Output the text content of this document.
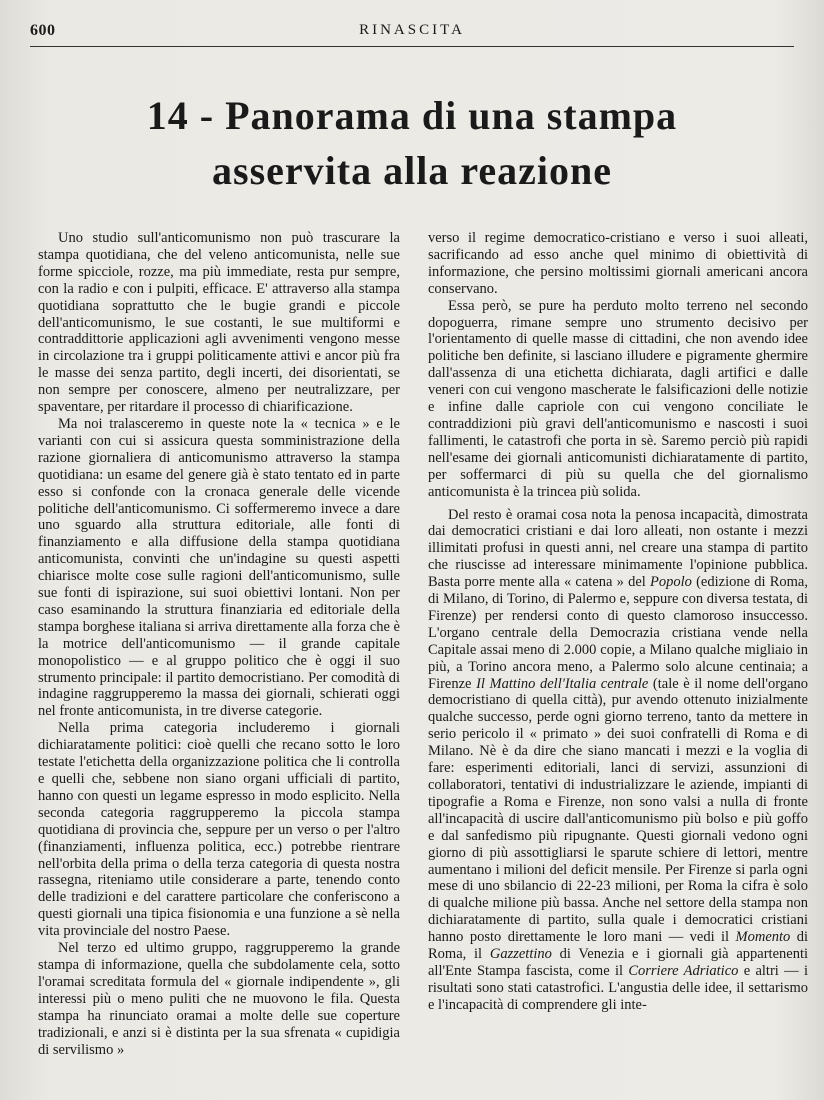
600	RINASCITA
14 - Panorama di una stampa
asservita alla reazione

Uno studio sull'anticomunismo non può trascurare la stampa quotidiana, che del veleno anticomunista, nelle sue forme spicciole, rozze, ma più immediate, resta pur sempre, con la radio e con i pulpiti, efficace. E' attraverso alla stampa quotidiana soprattutto che le bugie grandi e piccole dell'anticomunismo, le sue costanti, le sue multiformi e contraddittorie applicazioni agli avvenimenti vengono messe in circolazione tra i gruppi politicamente attivi e ancor più fra le masse dei senza partito, degli incerti, dei disorientati, se non sempre per conoscere, almeno per neutralizzare, per spaventare, per ritardare il processo di chiarificazione.

Ma noi tralasceremo in queste note la « tecnica » e le varianti con cui si assicura questa somministrazione della razione giornaliera di anticomunismo attraverso la stampa quotidiana: un esame del genere già è stato tentato ed in parte esso si confonde con la cronaca generale delle vicende politiche dell'anticomunismo. Ci soffermeremo invece a dare uno sguardo alla struttura editoriale, alle fonti di finanziamento e alla diffusione della stampa quotidiana anticomunista, convinti che un'indagine su questi aspetti chiarisce molte cose sulle ragioni dell'anticomunismo, sulle sue fonti di ispirazione, sui suoi obiettivi lontani. Non per caso esaminando la struttura finanziaria ed editoriale della stampa borghese italiana si arriva direttamente alla forza che è la motrice dell'anticomunismo — il grande capitale monopolistico — e al gruppo politico che è oggi il suo strumento principale: il partito democristiano. Per comodità di indagine raggrupperemo la massa dei giornali, schierati oggi nel fronte anticomunista, in tre diverse categorie.

Nella prima categoria includeremo i giornali dichiaratamente politici: cioè quelli che recano sotto le loro testate l'etichetta della organizzazione politica che li controlla e quelli che, sebbene non siano organi ufficiali di partito, hanno con questi un legame espresso in modo esplicito. Nella seconda categoria raggrupperemo la piccola stampa quotidiana di provincia che, seppure per un verso o per l'altro (finanziamenti, influenza politica, ecc.) potrebbe rientrare nell'orbita della prima o della terza categoria di questa nostra rassegna, riteniamo utile considerare a parte, tenendo conto delle tradizioni e del carattere particolare che conferiscono a questi giornali una tipica fisionomia e una funzione a sè nella vita provinciale del nostro Paese.

Nel terzo ed ultimo gruppo, raggrupperemo la grande stampa di informazione, quella che subdolamente cela, sotto l'oramai screditata formula del « giornale indipendente », gli interessi più o meno puliti che ne muovono le fila. Questa stampa ha rinunciato oramai a molte delle sue coperture tradizionali, e anzi si è distinta per la sua sfrenata « cupidigia di servilismo »

verso il regime democratico-cristiano e verso i suoi alleati, sacrificando ad esso anche quel minimo di obiettività di informazione, che persino moltissimi giornali americani ancora conservano.

Essa però, se pure ha perduto molto terreno nel secondo dopoguerra, rimane sempre uno strumento decisivo per l'orientamento di quelle masse di cittadini, che non avendo idee politiche ben definite, si lasciano illudere e pigramente ghermire dall'assenza di una etichetta dichiarata, dagli artifici e dalle veneri con cui vengono mascherate le falsificazioni delle notizie e infine dalle capriole con cui vengono conciliate le contraddizioni più gravi dell'anticomunismo e nascosti i suoi fallimenti, le catastrofi che porta in sè. Saremo perciò più rapidi nell'esame dei giornali anticomunisti dichiaratamente di partito, per soffermarci di più su quella che del giornalismo anticomunista è la trincea più solida.

Del resto è oramai cosa nota la penosa incapacità, dimostrata dai democratici cristiani e dai loro alleati, non ostante i mezzi illimitati profusi in questi anni, nel creare una stampa di partito che riuscisse ad interessare minimamente l'opinione pubblica. Basta porre mente alla « catena » del Popolo (edizione di Roma, di Milano, di Torino, di Palermo e, seppure con diversa testata, di Firenze) per rendersi conto di questo clamoroso insuccesso. L'organo centrale della Democrazia cristiana vende nella Capitale assai meno di 2.000 copie, a Milano qualche migliaio in più, a Torino ancora meno, a Palermo solo alcune centinaia; a Firenze Il Mattino dell'Italia centrale (tale è il nome dell'organo democristiano di quella città), pur avendo ottenuto inizialmente qualche successo, perde ogni giorno terreno, tanto da mettere in serio pericolo il « primato » dei suoi confratelli di Roma e di Milano. Nè è da dire che siano mancati i mezzi e la voglia di fare: esperimenti editoriali, lanci di servizi, assunzioni di collaboratori, tentativi di industrializzare le aziende, impianti di tipografie a Roma e Firenze, non sono valsi a nulla di fronte all'incapacità di uscire dall'anticomunismo più bolso e più goffo e dal sanfedismo più ripugnante. Questi giornali vedono ogni giorno di più assottigliarsi le sparute schiere di lettori, mentre aumentano i milioni del deficit mensile. Per Firenze si parla ogni mese di uno sbilancio di 22-23 milioni, per Roma la cifra è solo di qualche milione più bassa. Anche nel settore della stampa non dichiaratamente di partito, sulla quale i democratici cristiani hanno posto direttamente le loro mani — vedi il Momento di Roma, il Gazzettino di Venezia e i giornali già appartenenti all'Ente Stampa fascista, come il Corriere Adriatico e altri — i risultati sono stati catastrofici. L'angustia delle idee, il settarismo e l'incapacità di comprendere gli inte-
